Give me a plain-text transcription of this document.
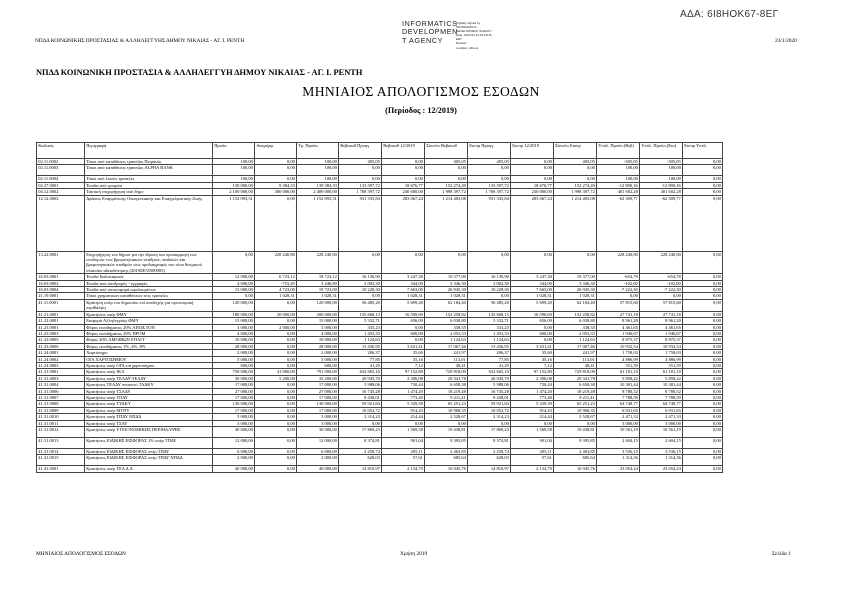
ΑΔΑ: 6Ι8ΗΟΚ67-8ΕΓ
INFORMATICS
DEVELOPMEN
T AGENCY
Digitally signed by
INFORMATICS
DEVELOPMENT AGENCY
Date: 2020.01.23 10:18:16
EET
Reason:
Location: Athens
ΝΠΔΔ ΚΟΙΝΩΝΙΚΗΣ ΠΡΟΣΤΑΣΙΑΣ & ΑΛΛΗΛΕΓΓΥΗΣ ΔΗΜΟΥ ΝΙΚΑΙΑΣ - ΑΓ. Ι. ΡΕΝΤΗ	23/1/2020
ΝΠΔΔ ΚΟΙΝΩΝΙΚΗ ΠΡΟΣΤΑΣΙΑ & ΑΛΛΗΛΕΓΓΥΗ ΔΗΜΟΥ ΝΙΚΑΙΑΣ - ΑΓ. Ι. ΡΕΝΤΗ
ΜΗΝΙΑΙΟΣ ΑΠΟΛΟΓΙΣΜΟΣ ΕΣΟΔΩΝ
(Περίοδος : 12/2019)
Κωδικός	Περιγραφή	Προϋπ.	Αναμόρφ.	Τρ. Προϋπ.	Βεβαιωθ Προηγ	Βεβαιωθ 12/2019	Σύνολο Βεβαιωθ	Εισπρ Προηγ	Εισπρ 12/2019	Σύνολο Εισπρ	Υπόλ. Προϋπ.(Βεβ)	Υπόλ. Προϋπ.(Εισ)	Εισπρ Υπόλ.
02.11.0002	Τόκοι από καταθέσεις τραπεζας Πειραιώς	100,00	0,00	100,00	405,05	0,00	405,05	405,05	0,00	405,05	-305,05	-305,05	0,00
02.11.0003	Τόκοι από καταθέσεις τραπεζας ALPHA BANK	100,00	0,00	100,00	0,00	0,00	0,00	0,00	0,00	0,00	100,00	100,00	0,00
02.11.0004	Τόκοι από λοιπές τραπεζες	100,00	0,00	100,00	0,00	0,00	0,00	0,00	0,00	0,00	100,00	100,00	0,00
02.27.0001	Έσοδα από τροφεία	130 000,00	9 384,33	139 384,33	133 597,72	18 676,77	152 274,49	133 597,72	18 676,77	152 274,49	-12 890,16	-12 890,16	0,00
04.12.0002	Τακτική επιχορήγηση από δήμο	2 100 000,00	300 000,00	2 400 000,00	1 768 397,72	230 000,00	1 998 397,72	1 768 397,72	230 000,00	1 998 397,72	401 602,28	401 602,28	0,00
12.12.0002	Δράσεις Εναρμόνισης Οικογενειακής και Επαγγελματικής Ζωής	1 152 093,31	0,00	1 152 093,31	931 335,84	283 067,24	1 214 403,08	931 335,84	283 067,24	1 214 403,08	-62 309,77	-62 309,77	0,00
13.22.0001	Επιχορήγηση του δήμου για την ίδρυση και προσαρμογή των υποδομών των βρεφονηπιακών σταθμών, παιδικών και βρεφονηπιακών σταθμών στις προδιαγραφές του νέου θεσμικού πλαισίου αδειοδότησης (2019ΣΕ55500005)	0,00	228 240,80	228 240,80	0,00	0,00	0,00	0,00	0,00	0,00	228 240,80	228 240,80	0,00
16.03.0001	Έσοδα Καλοκαιριών	12 000,00	6 723,12	18 723,12	16 130,90	3 247,30	19 377,00	16 130,90	3 247,30	19 377,00	-654,78	-654,78	0,00
16.03.0002	Έσοδα από συνδρομές - εγγραφές	4 000,00	-753,20	3 246,80	3 002,30	344,00	3 346,30	3 002,30	344,00	3 346,30	-102,00	-102,00	0,00
16.03.0004	Έσοδα από συνεισφορά ωφελουμένων	15 000,00	4 723,00	19 723,00	10 228,30	7 663,00	26 945,30	10 228,30	7 663,00	26 945,30	-7 222,30	-7 222,30	0,00
21.19.0001	Τόκοι χρηματικών καταθέσεων στις τραπεζες	0,00	1 028,31	1 028,31	0,00	1 028,31	1 028,31	0,00	1 028,31	1 028,31	0,00	0,00	0,00
41.11.0001	Κράτηση υπέρ του δημοσίου επί αποδοχής για υγειονομική περίθαλψη	120 000,00	0,00	120 000,00	56 485,20	5 699,20	62 184,40	56 485,20	5 699,20	62 184,40	57 815,60	57 815,60	0,00
41.21.0001	Κρατήσεις υπέρ ΦΜΥ	180 000,00	20 000,00	200 000,00	135 668,13	16 590,69	152 258,82	135 668,13	16 590,69	152 258,82	27 741,18	27 741,18	0,00
41.22.0001	Εισφορά Αλληλεγγύης ΦΜΥ	15 000,00	0,00	15 000,00	5 332,71	656,09	6 038,80	5 332,71	656,09	6 038,80	8 961,20	8 961,20	0,00
41.23.0001	Φόρος εισοδήματος 20% ΑΠΟΔ ΤΟΝ	3 000,00	2 000,00	5 000,00	333,23	0,00	338,35	333,23	0,00	338,35	4 461,65	4 461,65	0,00
41.23.0003	Φόρος εισοδήματος 20% ΠΡΟΜ	4 000,00	0,00	4 000,00	1 453,33	600,00	2 053,33	1 453,33	600,00	2 053,33	1 946,67	1 946,67	0,00
41.23.0005	Φόρος 20% ΑΜΟΙΒΩΝ ΕΠΑΓΓ	10 000,00	0,00	10 000,00	1 124,63	0,00	1 124,63	1 124,63	0,00	1 124,63	8 875,37	8 875,37	0,00
41.23.0006	Φόρος εισοδήματος 1% ,4% ,8%	28 000,00	0,00	28 000,00	13 436,95	3 631,41	17 067,46	13 436,95	3 631,41	17 067,46	10 932,54	10 932,54	0,00
41.24.0001	Χαρτόσημο	2 000,00	0,00	2 000,00	206,37	35,60	241,97	206,37	35,60	241,97	1 758,03	1 758,03	0,00
41.24.0002	ΟΓΑ ΧΑΡΤΟΣΗΜΟΥ	5 000,00	0,00	5 000,00	77,85	35,16	113,01	77,85	35,16	113,01	4 886,99	4 886,99	0,00
41.24.0003	Κρατήσεις υπέρ ΟΓΑ επί χαρτοσήμου	600,00	0,00	600,00	41,29	7,12	48,41	41,29	7,12	48,41	551,59	551,59	0,00
41.31.0001	Κρατήσεις υπέρ ΙΚΑ	750 000,00	41 000,00	791 000,00	632 665,10	97 152,80	729 818,00	632 665,10	97 152,80	729 818,00	61 181,10	61 181,10	0,00
41.31.0003	Κρατήσεις υπέρ ΤΕΑΔΥ-ΤΕΑΔΥ	30 000,00	5 200,00	35 200,00	26 945,70	2 396,08	29 341,78	26 945,70	2 396,08	29 341,78	5 858,22	5 858,22	0,00
41.31.0004	Κρατήσεις ΤΕΑΔΥ ποσοστό ΤΑΔΚΥ	17 000,00	0,00	17 000,00	5 988,06	730,44	6 658,38	5 988,06	730,44	6 658,38	10 381,44	10 381,44	0,00
41.31.0006	Κρατήσεις υπέρ ΤΣΑΔΥ	27 000,00	0,00	27 000,00	16 745,28	1 474,20	18 219,48	16 745,28	1 474,20	18 219,48	8 780,52	8 780,52	0,00
41.31.0007	Κρατήσεις υπέρ ΤΠΔΥ	17 000,00	0,00	17 000,00	8 438,01	773,40	9 211,41	8 438,01	773,40	9 211,41	7 788,59	7 788,59	0,00
41.31.0008	Κρατήσεις υπέρ ΤΥΔΚΥ	130 000,00	0,00	130 000,00	59 921,84	5 329,39	65 251,23	59 921,84	5 329,39	65 251,23	64 748,77	64 748,77	0,00
41.31.0009	Κρατήσεις υπέρ ΜΤΠΥ	17 000,00	0,00	17 000,00	10 052,72	914,43	10 968,35	10 052,72	914,43	10 968,35	6 031,65	6 031,65	0,00
41.31.0010	Κρατήσεις υπέρ ΤΠΔΥ ΝΠΔΔ	5 000,00	0,00	5 000,00	2 314,23	214,44	2 528,67	2 314,23	214,44	2 528,67	2 471,33	2 471,33	0,00
41.31.0011	Κρατήσεις υπέρ ΤΣΑΥ	3 000,00	0,00	3 000,00	0,00	0,00	0,00	0,00	0,00	0,00	3 000,00	3 000,00	0,00
41.31.0012	Κρατήσεις υπέρ ΥΓΕΙΟΝΟΜΙΚΗΣ ΠΕΡΙΘΑΛΨΗΣ	30 000,00	0,00	30 000,00	17 869,23	1 569,58	19 438,81	17 869,23	1 569,58	19 438,81	10 561,19	10 561,19	0,00
41.31.0013	Κρατήσεις ΕΙΔΙΚΗΣ ΕΙΣΦΟΡΑΣ 1% υπέρ ΤΠΔΥ	12 000,00	0,00	12 000,00	8 374,81	901,04	9 395,85	8 374,81	901,04	9 395,85	2 604,15	2 604,15	0,00
41.31.0014	Κρατήσεις ΕΙΔΙΚΗΣ ΕΙΣΦΟΡΑΣ υπέρ ΤΠΔΥ	6 000,00	0,00	6 000,00	2 258,74	205,11	2 463,85	2 258,74	205,11	2 463,85	3 536,15	3 536,15	0,00
41.31.0015	Κρατήσεις ΕΙΔΙΚΗΣ ΕΙΣΦΟΡΑΣ υπέρ ΤΠΔΥ ΝΠΔΔ	2 000,00	0,00	2 000,00	628,03	57,61	685,64	628,03	57,61	685,64	1 314,36	1 314,36	0,00
41.41.0001	Κρατήσεις υπέρ ΤΕΑ Δ.Δ	40 000,00	0,00	40 000,00	14 810,97	2 134,79	16 945,76	14 810,97	2 134,79	16 945,76	23 054,24	23 054,24	0,00
ΜΗΝΙΑΙΟΣ ΑΠΟΛΟΓΙΣΜΟΣ ΕΣΟΔΩΝ	Χρήση 2019	Σελίδα 1
